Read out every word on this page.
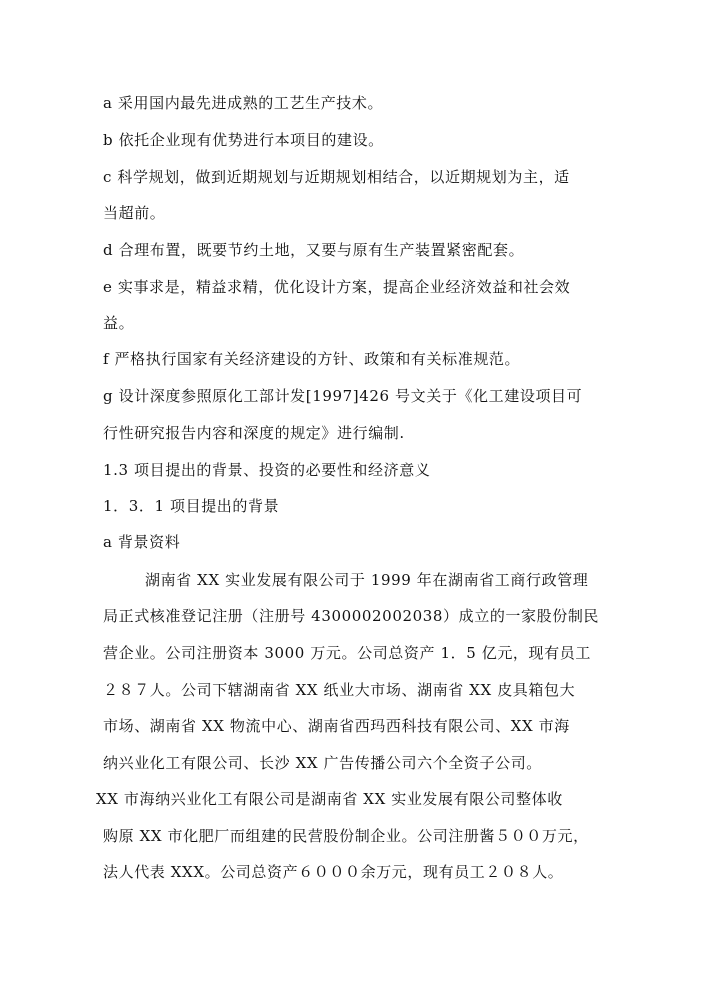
a 采用国内最先进成熟的工艺生产技术。
b 依托企业现有优势进行本项目的建设。
c 科学规划，做到近期规划与近期规划相结合，以近期规划为主，适
当超前。
d 合理布置，既要节约土地，又要与原有生产装置紧密配套。
e 实事求是，精益求精，优化设计方案，提高企业经济效益和社会效
益。
f 严格执行国家有关经济建设的方针、政策和有关标准规范。
g 设计深度参照原化工部计发[1997]426 号文关于《化工建设项目可
行性研究报告内容和深度的规定》进行编制.
1.3 项目提出的背景、投资的必要性和经济意义
1．3．1 项目提出的背景
a 背景资料
湖南省 XX 实业发展有限公司于 1999 年在湖南省工商行政管理
局正式核准登记注册（注册号 4300002002038）成立的一家股份制民
营企业。公司注册资本 3000 万元。公司总资产 1．5 亿元，现有员工
２８７人。公司下辖湖南省 XX 纸业大市场、湖南省 XX 皮具箱包大
市场、湖南省 XX 物流中心、湖南省西玛西科技有限公司、XX 市海
纳兴业化工有限公司、长沙 XX 广告传播公司六个全资子公司。
XX 市海纳兴业化工有限公司是湖南省 XX 实业发展有限公司整体收
购原 XX 市化肥厂而组建的民营股份制企业。公司注册酱５００万元，
法人代表 XXX。公司总资产６０００余万元，现有员工２０８人。
